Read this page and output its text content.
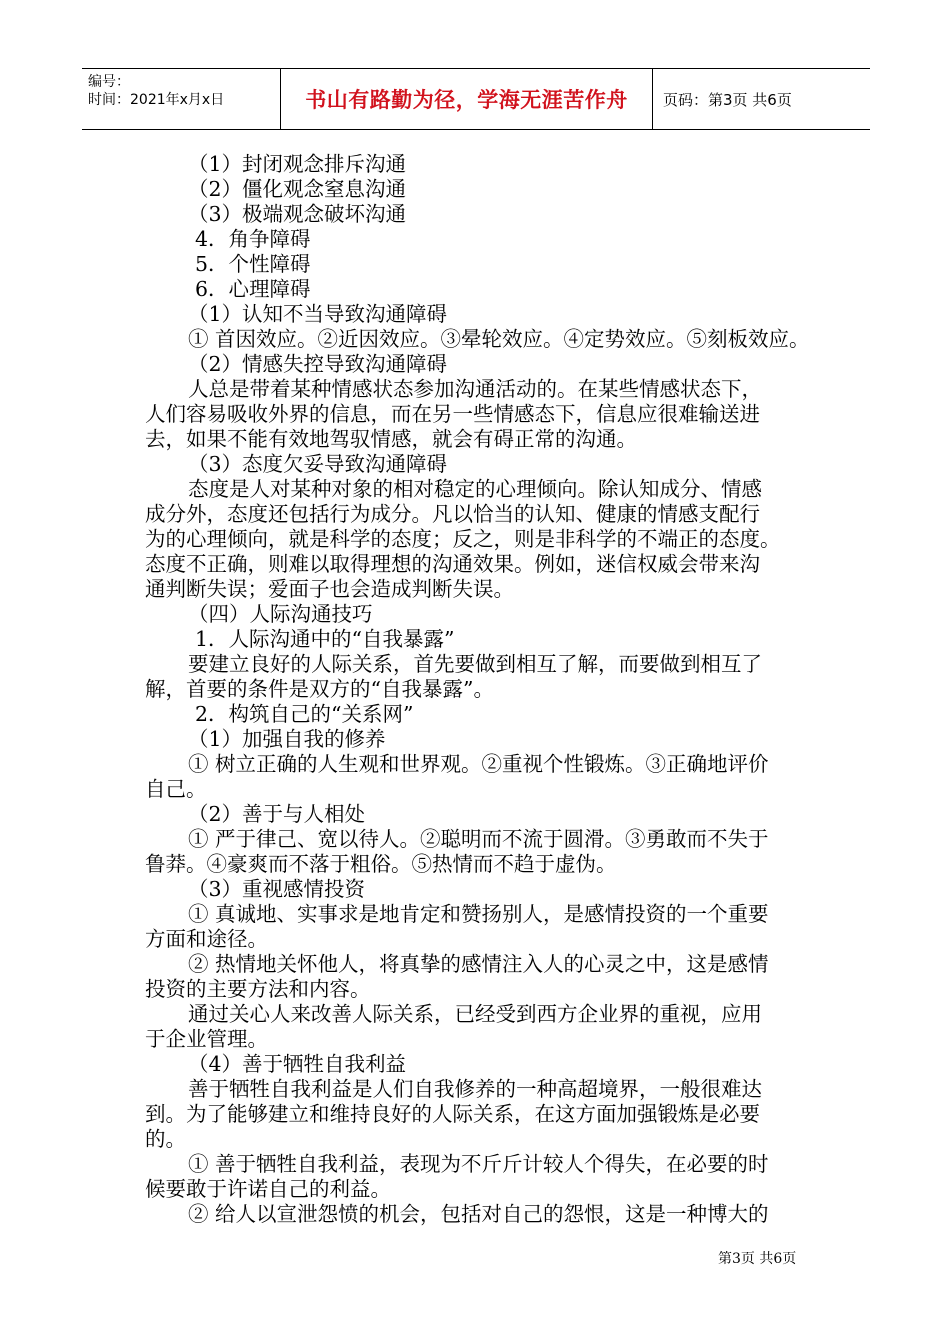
编号：
时间：2021年x月x日	书山有路勤为径，学海无涯苦作舟 页码：第3页 共6页
（1）封闭观念排斥沟通
（2）僵化观念窒息沟通
（3）极端观念破坏沟通
4．角争障碍
5．个性障碍
6．心理障碍
（1）认知不当导致沟通障碍
① 首因效应。②近因效应。③晕轮效应。④定势效应。⑤刻板效应。
（2）情感失控导致沟通障碍
人总是带着某种情感状态参加沟通活动的。在某些情感状态下，
人们容易吸收外界的信息，而在另一些情感态下，信息应很难输送进
去，如果不能有效地驾驭情感，就会有碍正常的沟通。
（3）态度欠妥导致沟通障碍
态度是人对某种对象的相对稳定的心理倾向。除认知成分、情感
成分外，态度还包括行为成分。凡以恰当的认知、健康的情感支配行
为的心理倾向，就是科学的态度；反之，则是非科学的不端正的态度。
态度不正确，则难以取得理想的沟通效果。例如，迷信权威会带来沟
通判断失误；爱面子也会造成判断失误。
（四）人际沟通技巧
1．人际沟通中的“自我暴露”
要建立良好的人际关系，首先要做到相互了解，而要做到相互了
解，首要的条件是双方的“自我暴露”。
2．构筑自己的“关系网”
（1）加强自我的修养
① 树立正确的人生观和世界观。②重视个性锻炼。③正确地评价
自己。
（2）善于与人相处
① 严于律己、宽以待人。②聪明而不流于圆滑。③勇敢而不失于
鲁莽。④豪爽而不落于粗俗。⑤热情而不趋于虚伪。
（3）重视感情投资
① 真诚地、实事求是地肯定和赞扬别人，是感情投资的一个重要
方面和途径。
② 热情地关怀他人，将真挚的感情注入人的心灵之中，这是感情
投资的主要方法和内容。
通过关心人来改善人际关系，已经受到西方企业界的重视，应用
于企业管理。
（4）善于牺牲自我利益
善于牺牲自我利益是人们自我修养的一种高超境界，一般很难达
到。为了能够建立和维持良好的人际关系，在这方面加强锻炼是必要
的。
① 善于牺牲自我利益，表现为不斤斤计较人个得失，在必要的时
候要敢于许诺自己的利益。
② 给人以宣泄怨愤的机会，包括对自己的怨恨，这是一种博大的
第3页 共6页
